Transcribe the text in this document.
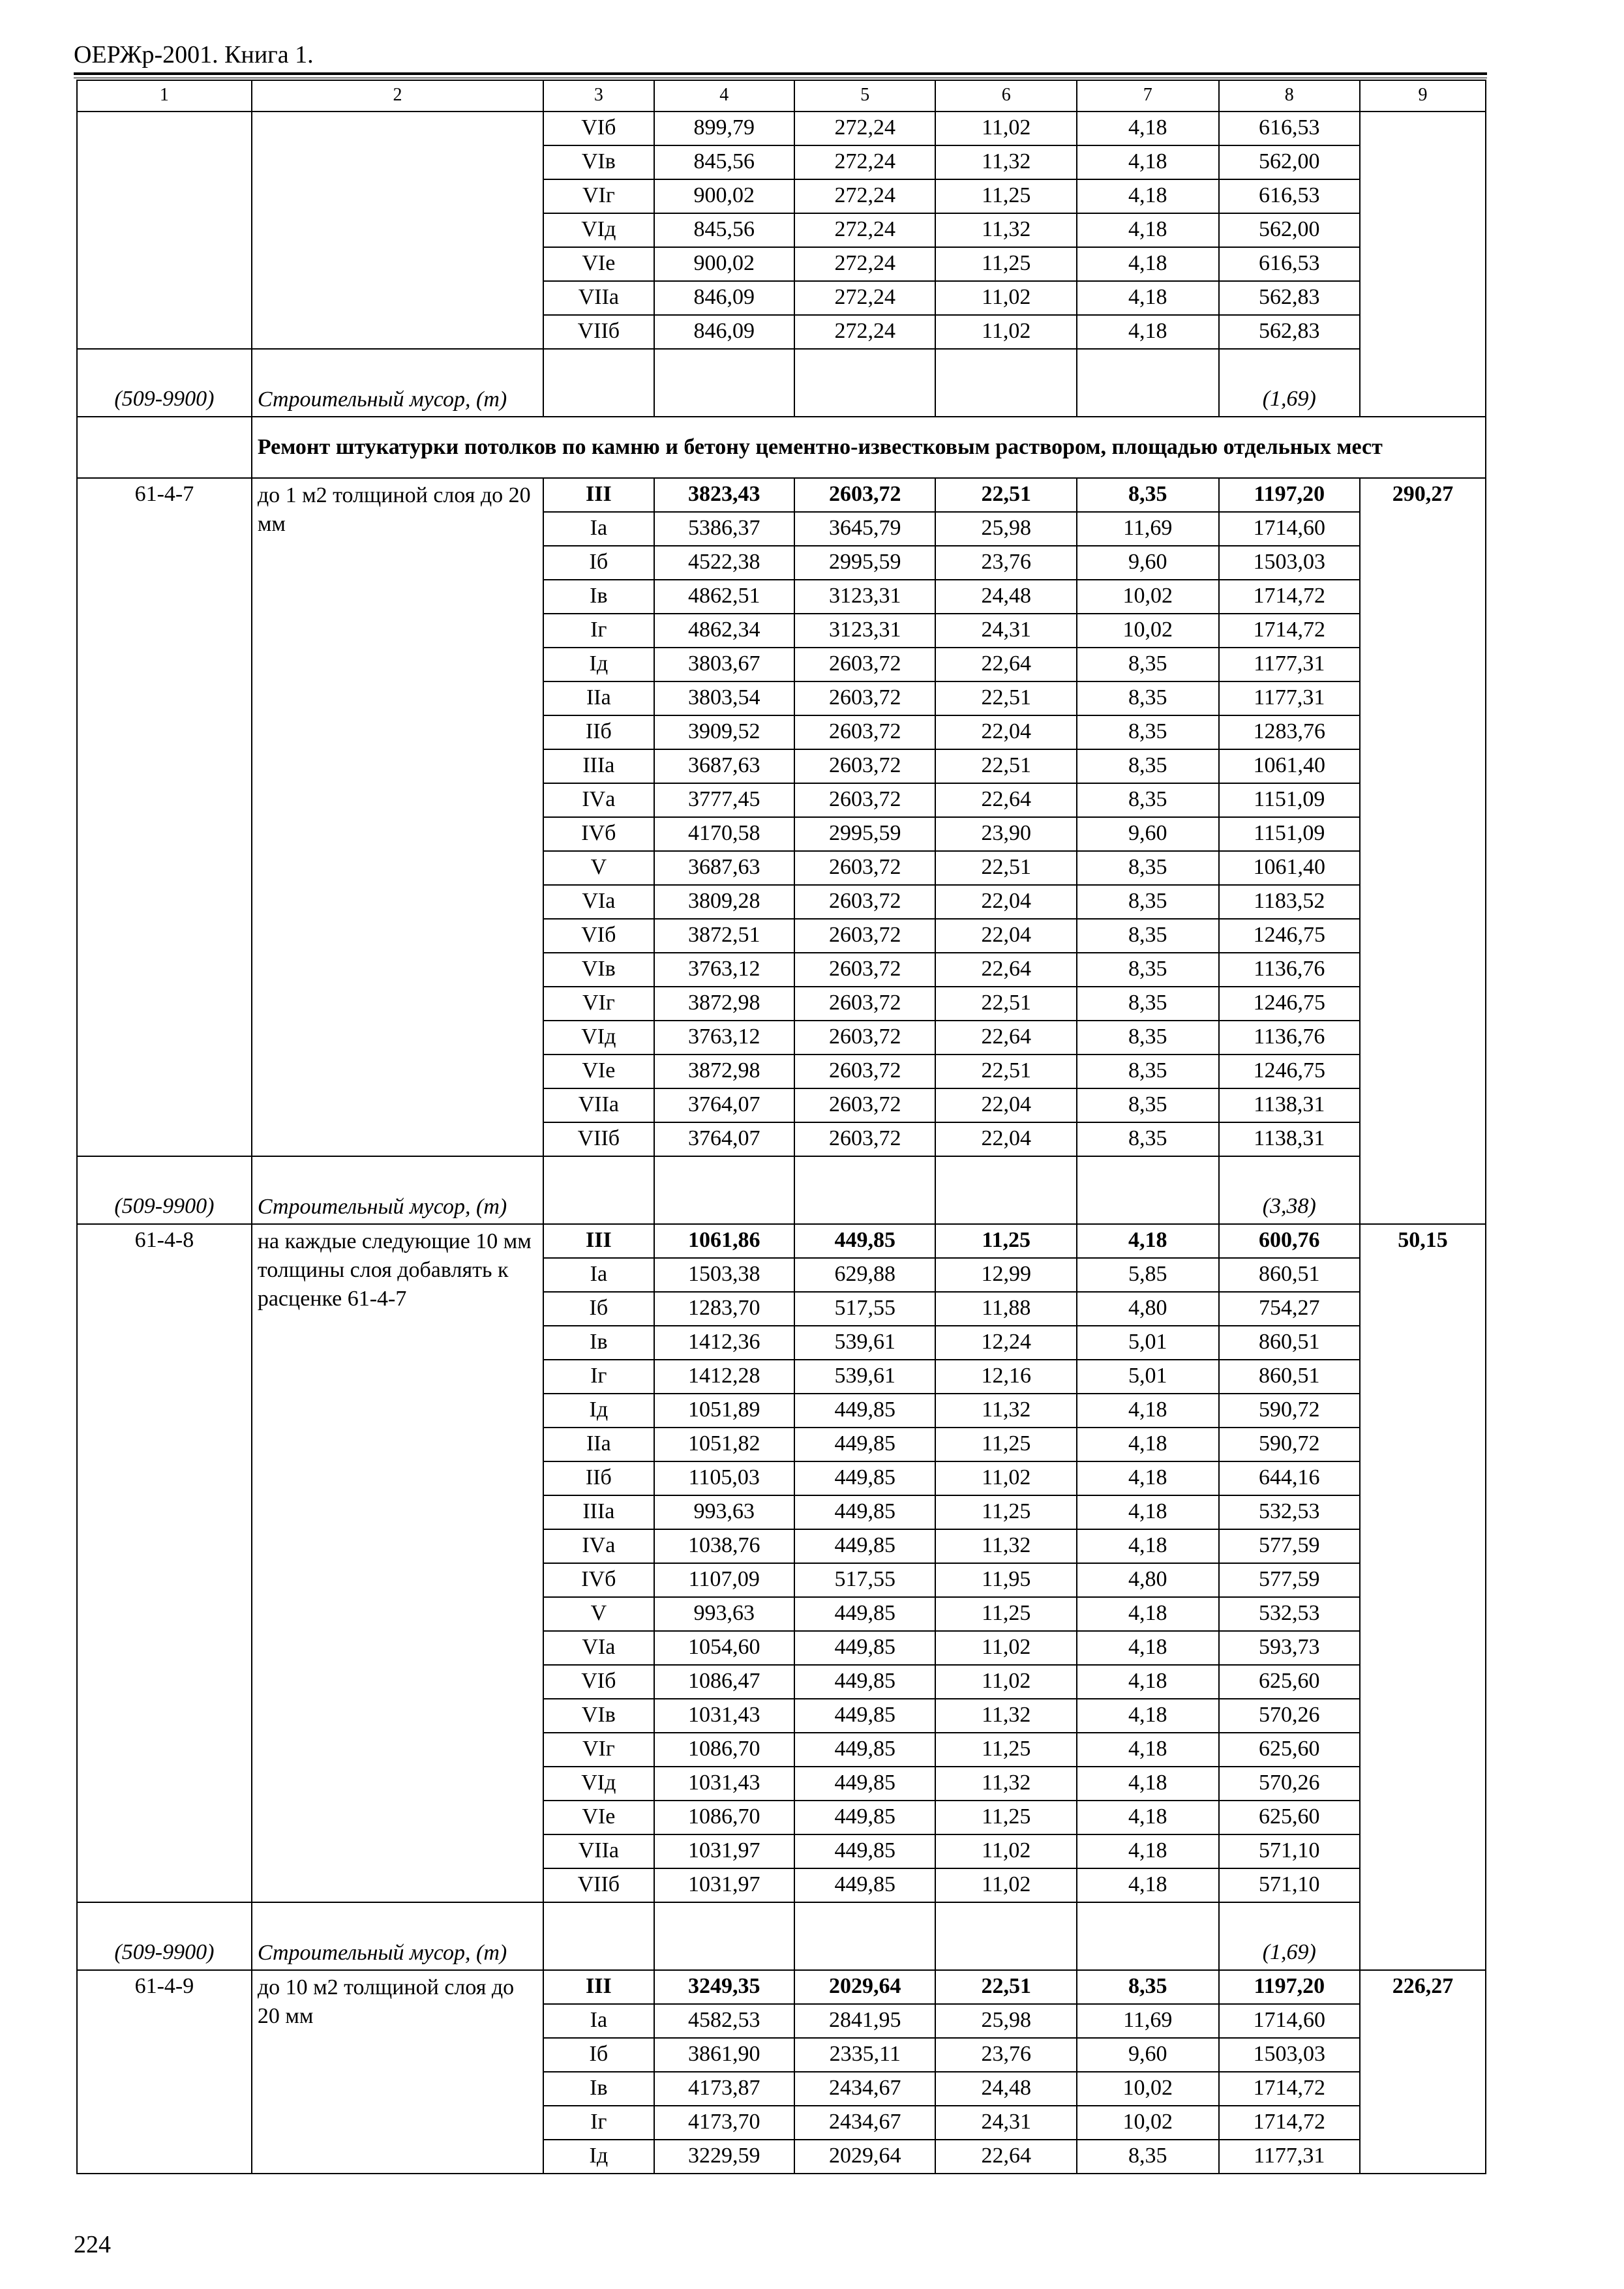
ОЕРЖр-2001. Книга 1.
1	2	3	4	5	6	7	8	9
		VIб	899,79	272,24	11,02	4,18	616,53	
		VIв	845,56	272,24	11,32	4,18	562,00	
		VIг	900,02	272,24	11,25	4,18	616,53	
		VIд	845,56	272,24	11,32	4,18	562,00	
		VIе	900,02	272,24	11,25	4,18	616,53	
		VIIа	846,09	272,24	11,02	4,18	562,83	
		VIIб	846,09	272,24	11,02	4,18	562,83	
(509-9900)	Строительный мусор, (т)						(1,69)	
	Ремонт штукатурки потолков по камню и бетону цементно-известковым раствором, площадью отдельных мест							
61-4-7	до 1 м2 толщиной слоя до 20 мм	III	3823,43	2603,72	22,51	8,35	1197,20	290,27
		Iа	5386,37	3645,79	25,98	11,69	1714,60	
		Iб	4522,38	2995,59	23,76	9,60	1503,03	
		Iв	4862,51	3123,31	24,48	10,02	1714,72	
		Iг	4862,34	3123,31	24,31	10,02	1714,72	
		Iд	3803,67	2603,72	22,64	8,35	1177,31	
		IIа	3803,54	2603,72	22,51	8,35	1177,31	
		IIб	3909,52	2603,72	22,04	8,35	1283,76	
		IIIа	3687,63	2603,72	22,51	8,35	1061,40	
		IVа	3777,45	2603,72	22,64	8,35	1151,09	
		IVб	4170,58	2995,59	23,90	9,60	1151,09	
		V	3687,63	2603,72	22,51	8,35	1061,40	
		VIа	3809,28	2603,72	22,04	8,35	1183,52	
		VIб	3872,51	2603,72	22,04	8,35	1246,75	
		VIв	3763,12	2603,72	22,64	8,35	1136,76	
		VIг	3872,98	2603,72	22,51	8,35	1246,75	
		VIд	3763,12	2603,72	22,64	8,35	1136,76	
		VIе	3872,98	2603,72	22,51	8,35	1246,75	
		VIIа	3764,07	2603,72	22,04	8,35	1138,31	
		VIIб	3764,07	2603,72	22,04	8,35	1138,31	
(509-9900)	Строительный мусор, (т)						(3,38)	
61-4-8	на каждые следующие 10 мм толщины слоя добавлять к расценке 61-4-7	III	1061,86	449,85	11,25	4,18	600,76	50,15
		Iа	1503,38	629,88	12,99	5,85	860,51	
		Iб	1283,70	517,55	11,88	4,80	754,27	
		Iв	1412,36	539,61	12,24	5,01	860,51	
		Iг	1412,28	539,61	12,16	5,01	860,51	
		Iд	1051,89	449,85	11,32	4,18	590,72	
		IIа	1051,82	449,85	11,25	4,18	590,72	
		IIб	1105,03	449,85	11,02	4,18	644,16	
		IIIа	993,63	449,85	11,25	4,18	532,53	
		IVа	1038,76	449,85	11,32	4,18	577,59	
		IVб	1107,09	517,55	11,95	4,80	577,59	
		V	993,63	449,85	11,25	4,18	532,53	
		VIа	1054,60	449,85	11,02	4,18	593,73	
		VIб	1086,47	449,85	11,02	4,18	625,60	
		VIв	1031,43	449,85	11,32	4,18	570,26	
		VIг	1086,70	449,85	11,25	4,18	625,60	
		VIд	1031,43	449,85	11,32	4,18	570,26	
		VIе	1086,70	449,85	11,25	4,18	625,60	
		VIIа	1031,97	449,85	11,02	4,18	571,10	
		VIIб	1031,97	449,85	11,02	4,18	571,10	
(509-9900)	Строительный мусор, (т)						(1,69)	
61-4-9	до 10 м2 толщиной слоя до 20 мм	III	3249,35	2029,64	22,51	8,35	1197,20	226,27
		Iа	4582,53	2841,95	25,98	11,69	1714,60	
		Iб	3861,90	2335,11	23,76	9,60	1503,03	
		Iв	4173,87	2434,67	24,48	10,02	1714,72	
		Iг	4173,70	2434,67	24,31	10,02	1714,72	
		Iд	3229,59	2029,64	22,64	8,35	1177,31	
224
